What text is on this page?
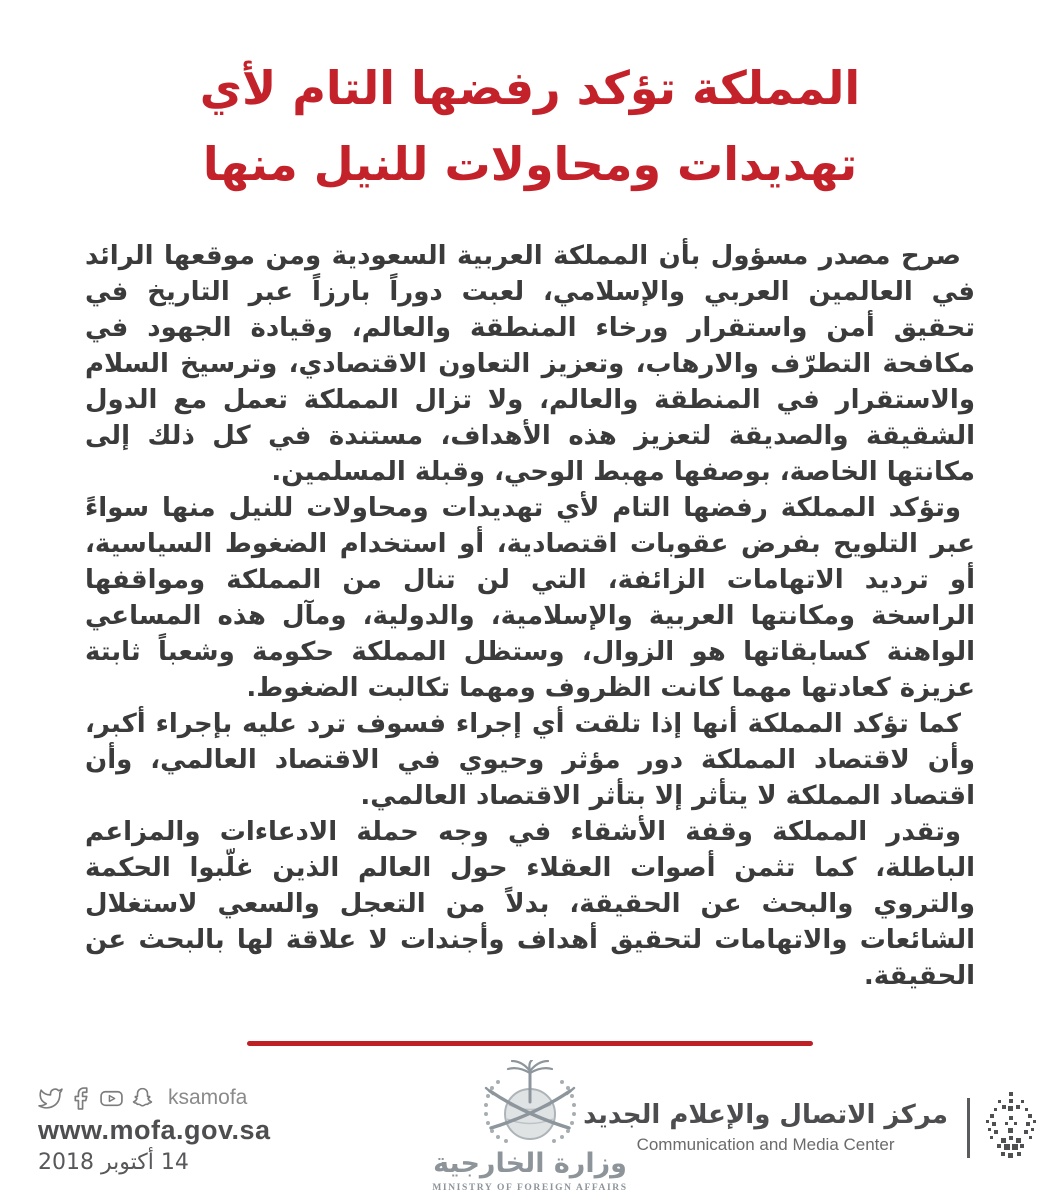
المملكة تؤكد رفضها التام لأي
تهديدات ومحاولات للنيل منها

صرح مصدر مسؤول بأن المملكة العربية السعودية ومن موقعها الرائد في العالمين العربي والإسلامي، لعبت دوراً بارزاً عبر التاريخ في تحقيق أمن واستقرار ورخاء المنطقة والعالم، وقيادة الجهود في مكافحة التطرّف والارهاب، وتعزيز التعاون الاقتصادي، وترسيخ السلام والاستقرار في المنطقة والعالم، ولا تزال المملكة تعمل مع الدول الشقيقة والصديقة لتعزيز هذه الأهداف، مستندة في كل ذلك إلى مكانتها الخاصة، بوصفها مهبط الوحي، وقبلة المسلمين.

وتؤكد المملكة رفضها التام لأي تهديدات ومحاولات للنيل منها سواءً عبر التلويح بفرض عقوبات اقتصادية، أو استخدام الضغوط السياسية، أو ترديد الاتهامات الزائفة، التي لن تنال من المملكة ومواقفها الراسخة ومكانتها العربية والإسلامية، والدولية، ومآل هذه المساعي الواهنة كسابقاتها هو الزوال، وستظل المملكة حكومة وشعباً ثابتة عزيزة كعادتها مهما كانت الظروف ومهما تكالبت الضغوط.

كما تؤكد المملكة أنها إذا تلقت أي إجراء فسوف ترد عليه بإجراء أكبر، وأن لاقتصاد المملكة دور مؤثر وحيوي في الاقتصاد العالمي، وأن اقتصاد المملكة لا يتأثر إلا بتأثر الاقتصاد العالمي.

وتقدر المملكة وقفة الأشقاء في وجه حملة الادعاءات والمزاعم الباطلة، كما تثمن أصوات العقلاء حول العالم الذين غلّبوا الحكمة والتروي والبحث عن الحقيقة، بدلاً من التعجل والسعي لاستغلال الشائعات والاتهامات لتحقيق أهداف وأجندات لا علاقة لها بالبحث عن الحقيقة.

ksamofa
www.mofa.gov.sa
14 أكتوبر 2018	وزارة الخارجية
MINISTRY OF FOREIGN AFFAIRS
مركز الاتصال والإعلام الجديد
Communication and Media Center
